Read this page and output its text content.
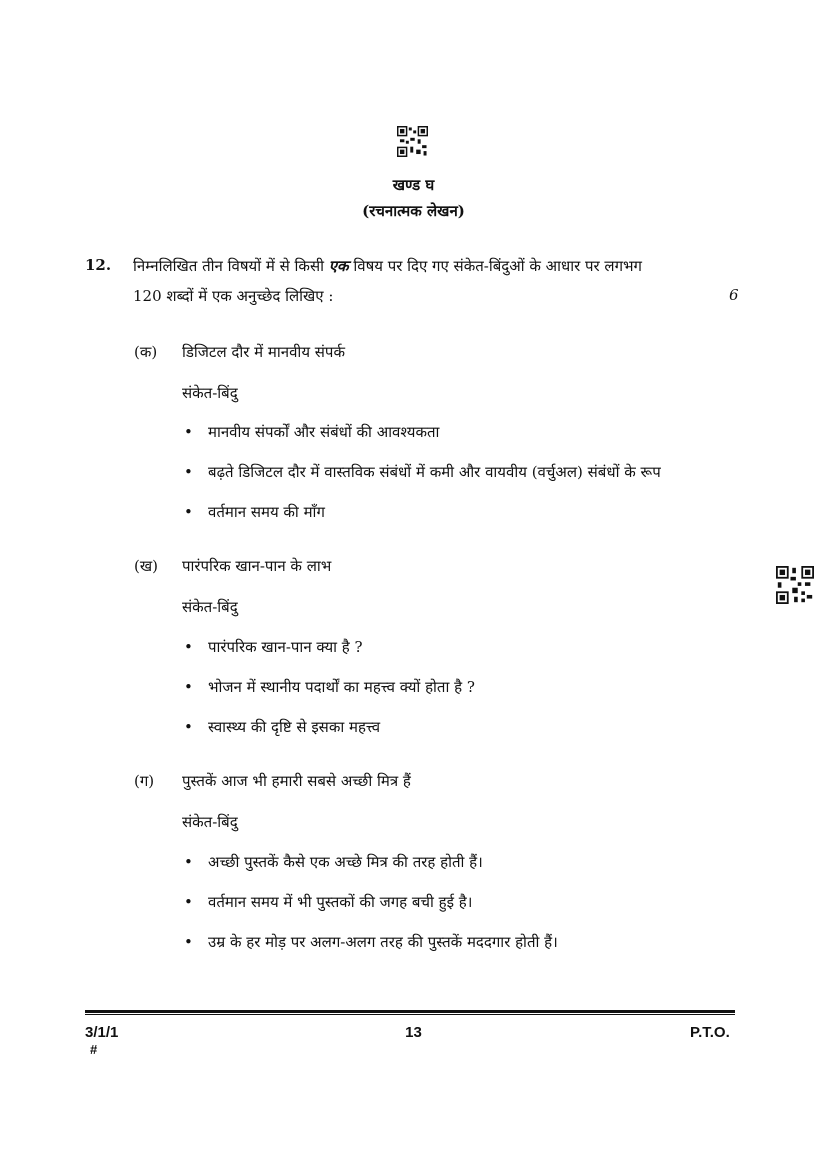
खण्ड घ
(रचनात्मक लेखन)
12. निम्नलिखित तीन विषयों में से किसी एक विषय पर दिए गए संकेत-बिंदुओं के आधार पर लगभग
120 शब्दों में एक अनुच्छेद लिखिए :	6
(क) डिजिटल दौर में मानवीय संपर्क
संकेत-बिंदु
• मानवीय संपर्कों और संबंधों की आवश्यकता
• बढ़ते डिजिटल दौर में वास्तविक संबंधों में कमी और वायवीय (वर्चुअल) संबंधों के रूप
• वर्तमान समय की माँग
(ख) पारंपरिक खान-पान के लाभ
संकेत-बिंदु
• पारंपरिक खान-पान क्या है ?
• भोजन में स्थानीय पदार्थों का महत्त्व क्यों होता है ?
• स्वास्थ्य की दृष्टि से इसका महत्त्व
(ग) पुस्तकें आज भी हमारी सबसे अच्छी मित्र हैं
संकेत-बिंदु
• अच्छी पुस्तकें कैसे एक अच्छे मित्र की तरह होती हैं।
• वर्तमान समय में भी पुस्तकों की जगह बची हुई है।
• उम्र के हर मोड़ पर अलग-अलग तरह की पुस्तकें मददगार होती हैं।
3/1/1
#
13	P.T.O.
